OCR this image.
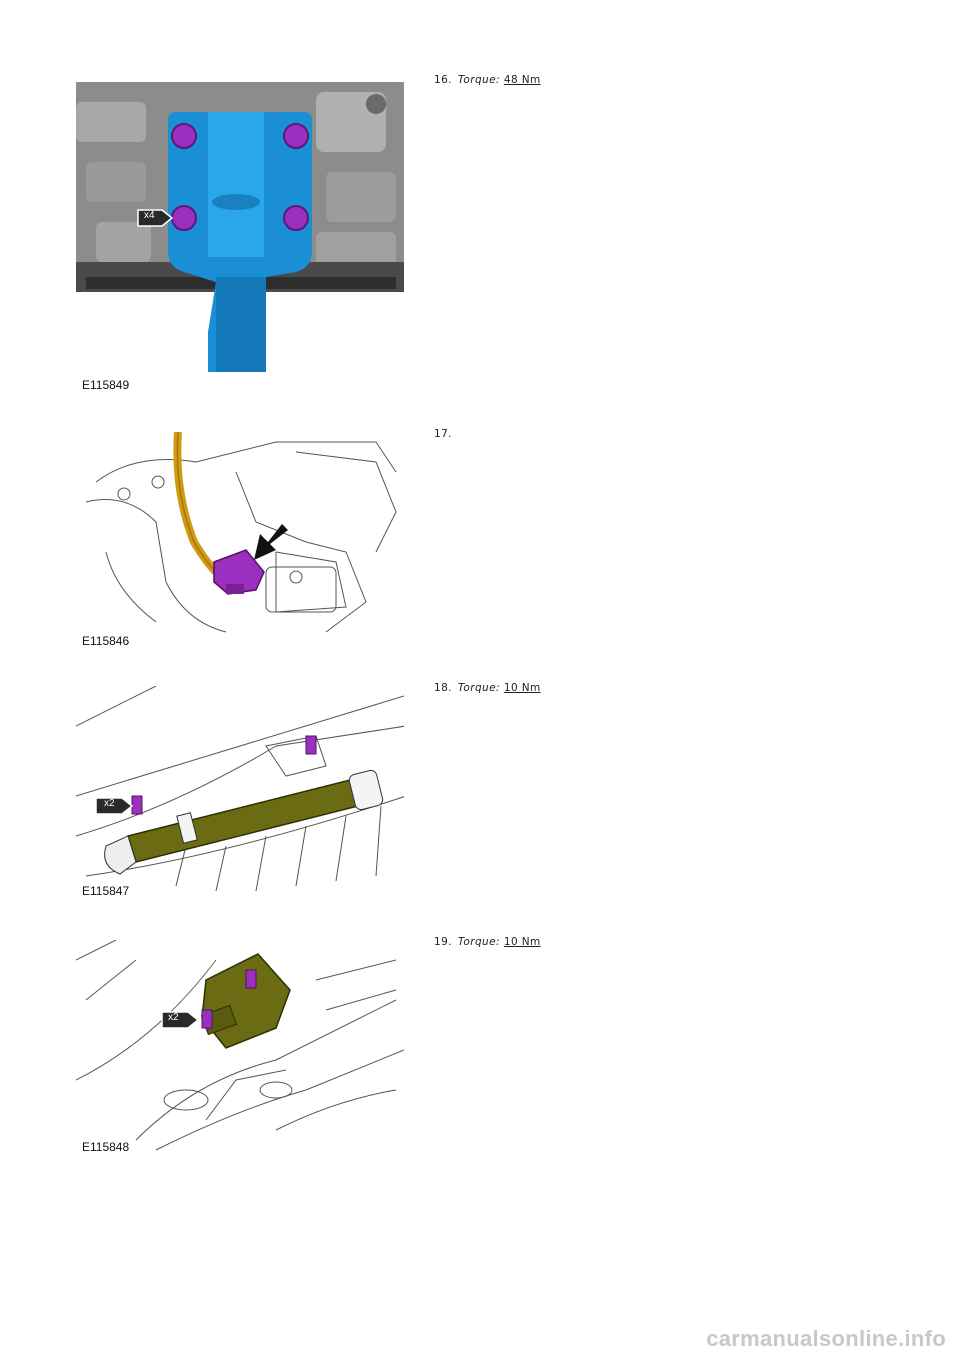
x4
E115849
16. Torque: 48 Nm
E115846
17.
x2
E115847
18. Torque: 10 Nm
x2
E115848
19. Torque: 10 Nm
carmanualsonline.info
